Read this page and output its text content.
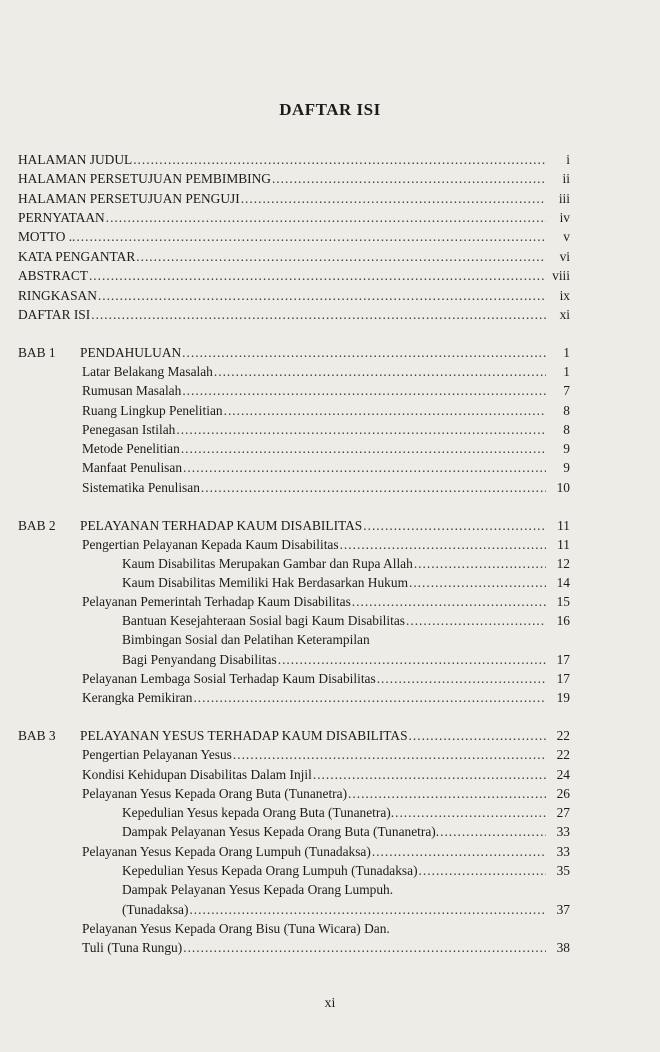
DAFTAR ISI
HALAMAN JUDUL .....	i
HALAMAN PERSETUJUAN PEMBIMBING .....	ii
HALAMAN PERSETUJUAN PENGUJI .....	iii
PERNYATAAN .....	iv
MOTTO .. .....	v
KATA PENGANTAR .....	vi
ABSTRACT .....	viii
RINGKASAN .....	ix
DAFTAR ISI .....	xi
BAB 1	PENDAHULUAN .....	1
Latar Belakang Masalah .....	1
Rumusan Masalah .....	7
Ruang Lingkup Penelitian .....	8
Penegasan Istilah .....	8
Metode Penelitian .....	9
Manfaat Penulisan .....	9
Sistematika Penulisan .....	10
BAB 2	PELAYANAN TERHADAP KAUM DISABILITAS .....	11
Pengertian Pelayanan Kepada Kaum Disabilitas .....	11
Kaum Disabilitas Merupakan Gambar dan Rupa Allah .....	12
Kaum Disabilitas Memiliki Hak Berdasarkan Hukum .....	14
Pelayanan Pemerintah Terhadap Kaum Disabilitas .....	15
Bantuan Kesejahteraan Sosial bagi Kaum Disabilitas .....	16
Bimbingan Sosial dan Pelatihan Keterampilan
Bagi Penyandang Disabilitas .....	17
Pelayanan Lembaga Sosial Terhadap Kaum Disabilitas .....	17
Kerangka Pemikiran .....	19
BAB 3	PELAYANAN YESUS TERHADAP KAUM DISABILITAS .....	22
Pengertian Pelayanan Yesus .....	22
Kondisi Kehidupan Disabilitas Dalam Injil .....	24
Pelayanan Yesus Kepada Orang Buta (Tunanetra) .....	26
Kepedulian Yesus kepada Orang Buta (Tunanetra). .....	27
Dampak Pelayanan Yesus Kepada Orang Buta (Tunanetra). .....	33
Pelayanan Yesus Kepada Orang Lumpuh (Tunadaksa) .....	33
Kepedulian Yesus Kepada Orang Lumpuh (Tunadaksa) .....	35
Dampak Pelayanan Yesus Kepada Orang Lumpuh.
(Tunadaksa) .....	37
Pelayanan Yesus Kepada Orang Bisu (Tuna Wicara) Dan.
Tuli (Tuna Rungu) .....	38
xi
